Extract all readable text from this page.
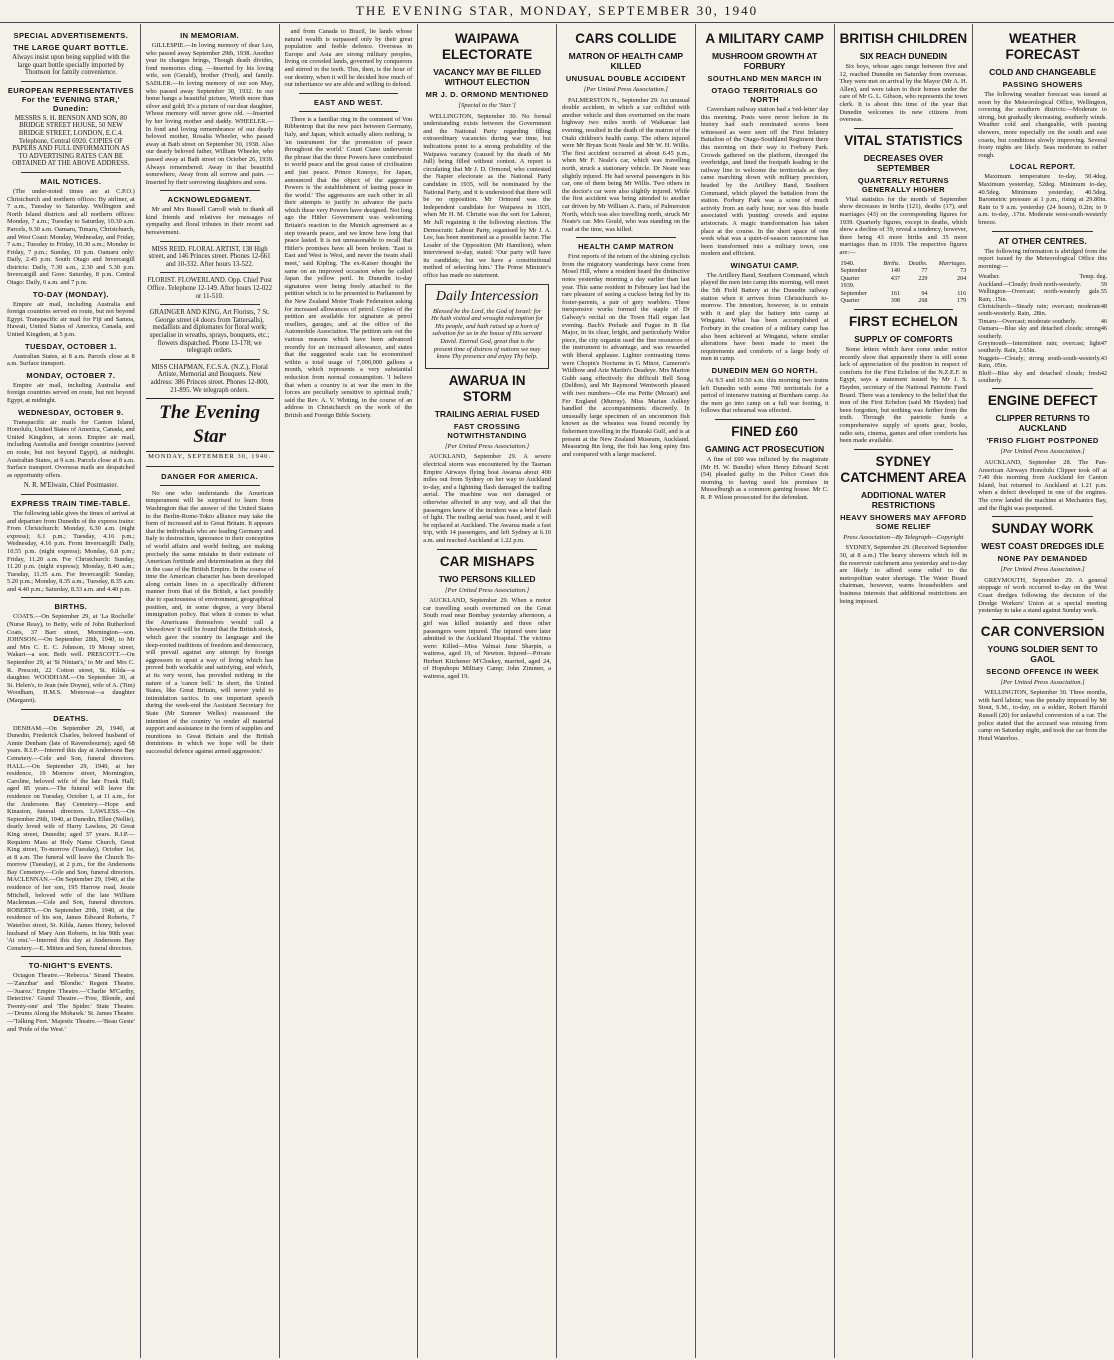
THE EVENING STAR, MONDAY, SEPTEMBER 30, 1940
SPECIAL ADVERTISEMENTS.
THE LARGE QUART BOTTLE.

Always insist upon being supplied with the large quart bottle specially imported by Thomson for family convenience.

EUROPEAN REPRESENTATIVES For the 'EVENING STAR,' Dunedin:

MESSRS S. H. BENSON AND SON, 80 BRIDGE STREET HOUSE, 50 NEW BRIDGE STREET, LONDON, E.C.4. Telephone, Central 6920. COPIES OF PAPERS AND FULL INFORMATION AS TO ADVERTISING RATES CAN BE OBTAINED AT THE ABOVE ADDRESS.

MAIL NOTICES.

(The under-noted times are at C.P.O.) Christchurch and northern offices: By airliner, at 7 a.m., Tuesday to Saturday. Wellington and North Island districts and all northern offices: Monday, 7 a.m.; Tuesday to Saturday, 10.30 a.m. Parcels, 9.30 a.m. Oamaru, Timaru, Christchurch, and West Coast: Monday, Wednesday, and Friday, 7 a.m.; Tuesday to Friday, 10.30 a.m.; Monday to Friday, 7 p.m.; Sunday, 10 p.m. Oamaru only: Daily, 2.45 p.m. South Otago and Invercargill districts: Daily, 7.30 a.m., 2.30 and 5.30 p.m. Invercargill and Gore: Saturday, 8 p.m. Central Otago: Daily, 6 a.m. and 7 p.m.

TO-DAY (MONDAY).

Empire air mail, including Australia and foreign countries served en route, but not beyond Egypt. Transpacific air mail for Fiji and Samoa, Hawaii, United States of America, Canada, and United Kingdom, at 5 p.m.

TUESDAY, OCTOBER 1.

Australian States, at 8 a.m. Parcels close at 8 a.m. Surface transport.

MONDAY, OCTOBER 7.

Empire air mail, including Australia and foreign countries served en route, but not beyond Egypt, at midnight.

WEDNESDAY, OCTOBER 9.

Transpacific air mails for Canton Island, Honolulu, United States of America, Canada, and United Kingdom, at noon. Empire air mail, including Australia and foreign countries (served en route, but not beyond Egypt), at midnight. Australian States, at 9 a.m. Parcels close at 8 a.m. Surface transport. Overseas mails are despatched as opportunity offers.

N. R. M'Elwain, Chief Postmaster.

EXPRESS TRAIN TIME-TABLE.

The following table gives the times of arrival at and departure from Dunedin of the express trains: From Christchurch: Monday, 6.30 a.m. (night express); 6.1 p.m.; Tuesday, 4.16 p.m.; Wednesday, 4.16 p.m. From Invercargill: Daily, 10.55 p.m. (night express); Monday, 6.8 p.m.; Friday, 11.20 a.m. For Christchurch: Sunday, 11.20 p.m. (night express); Monday, 8.40 a.m.; Tuesday, 11.35 a.m. For Invercargill: Sunday, 5.20 p.m.; Monday, 8.35 a.m.; Tuesday, 8.35 a.m. and 4.40 p.m.; Saturday, 8.33 a.m. and 4.40 p.m.

BIRTHS.

COATS.—On September 29, at 'La Rochelle' (Nurse Reay), to Betty, wife of John Rutherford Coats, 37 Barr street, Mornington—son. JOHNSON.—On September 28th, 1940, to Mr and Mrs C. E. C. Johnson, 19 Moray street, Wakari—a son. Both well. PRESCOTT.—On September 29, at 'St Ninian's,' to Mr and Mrs C. R. Prescott, 22 Cotton street, St. Kilda—a daughter. WOODHAM.—On September 30, at St. Helen's, to Jean (née Doyne), wife of A. (Tim) Woodham, H.M.S. Monowai—a daughter (Margaret).

DEATHS.

DENHAM.—On September 29, 1940, at Dunedin, Frederick Charles, beloved husband of Annie Denham (late of Ravensbourne); aged 68 years. R.I.P.—Interred this day at Andersons Bay Cemetery.—Cole and Son, funeral directors. HALL.—On September 29, 1940, at her residence, 19 Mornow street, Mornington, Caroline, beloved wife of the late Frank Hall; aged 85 years.—The funeral will leave the residence on Tuesday, October 1, at 11 a.m., for the Andersons Bay Cemetery.—Hope and Kinaston, funeral directors. LAWLESS.—On September 29th, 1940, at Dunedin, Ellen (Nellie), dearly loved wife of Harry Lawless, 26 Great King street, Dunedin; aged 37 years. R.I.P.—Requiem Mass at Holy Name Church, Great King street, To-morrow (Tuesday), October 1st, at 8 a.m. The funeral will leave the Church To-morrow (Tuesday), at 2 p.m., for the Andersons Bay Cemetery.—Cole and Son, funeral directors. MACLENNAN.—On September 29, 1940, at the residence of her son, 195 Harrow road, Jessie Mitchell, beloved wife of the late William Maclennan.—Cole and Son, funeral directors. ROBERTS.—On September 29th, 1940, at the residence of his son, James Edward Roberts, 7 Waterloo street, St. Kilda, James Henry, beloved husband of Mary Ann Roberts, in his 90th year. 'At rest.'—Interred this day at Andersons Bay Cemetery.—E. Mitten and Son, funeral directors.

TO-NIGHT'S EVENTS.

Octagon Theatre.—'Rebecca.' Strand Theatre.—'Zanzibar' and 'Blondie.' Regent Theatre.—'Juarez.' Empire Theatre.—'Charlie M'Carthy, Detective.' Grand Theatre.—'Free, Blonde, and Twenty-one' and 'The Spider.' State Theatre.—'Drums Along the Mohawk.' St. James Theatre.—'Talking Feet.' Majestic Theatre.—'Beau Geste' and 'Pride of the West.'

IN MEMORIAM.

GILLESPIE.—In loving memory of dear Leo, who passed away September 29th, 1938. Another year its changes brings, Though death divides, fond memories cling. —Inserted by his loving wife, son (Gerald), brother (Fred), and family. SADLER.—In loving memory of our son May, who passed away September 30, 1932. In our home hangs a beautiful picture, Worth more than silver and gold; It's a picture of our dear daughter, Whose memory will never grow old. —Inserted by her loving mother and daddy. WHEELER.—In fond and loving remembrance of our dearly beloved mother, Rosalia Wheeler, who passed away at Bath street on September 30, 1938. Also our dearly beloved father, William Wheeler, who passed away at Bath street on October 26, 1939. Always remembered. Away in that beautiful somewhere, Away from all sorrow and pain. —Inserted by their sorrowing daughters and sons.

ACKNOWLEDGMENT.

Mr and Mrs Russell Carroll wish to thank all kind friends and relatives for messages of sympathy and floral tributes in their recent sad bereavement.

MISS REID, FLORAL ARTIST, 138 High street, and 146 Princes street. Phones 12-661 and 10-332. After hours 13-522.

FLORIST. FLOWERLAND. Opp. Chief Post Office. Telephone 12-149. After hours 12-022 or 11-510.

GRAINGER AND KING, Art Florists, 7 St. George street (4 doors from Tattersalls), medallists and diplomates for floral work; specialise in wreaths, sprays, bouquets, etc.; flowers dispatched. Phone 13-178; we telegraph orders.

MISS CHAPMAN, F.C.S.A. (N.Z.), Floral Artiste, Memorial and Bouquets. New address: 386 Princes street. Phones 12-800, 21-895. We telegraph orders.

The Evening Star
MONDAY, SEPTEMBER 30, 1940.
DANGER FOR AMERICA.

No one who understands the American temperament will be surprised to learn from Washington that the answer of the United States to the Berlin-Rome-Tokio alliance may take the form of increased aid to Great Britain. It appears that the individuals who are leading Germany and Italy to destruction, ignorance in their conception of world affairs and world feeling, are making precisely the same mistake in their estimate of American fortitude and determination as they did in the case of the British Empire. In the course of time the American character has been developed along certain lines in a specifically different manner from that of the British, a fact possibly due to spaciousness of environment, geographical position, and, in some degree, a very liberal immigration policy. But when it comes to what the Americans themselves would call a 'showdown' it will be found that the British stock, which gave the country its language and the deep-rooted traditions of freedom and democracy, will prevail against any attempt by foreign aggressors to upset a way of living which has proved both workable and satisfying, and which, at its very worst, has provided nothing in the nature of a 'canon bell.' In short, the United States, like Great Britain, will never yield to intimidation tactics. In one important speech during the week-end the Assistant Secretary for State (Mr Sumner Welles) reassessed the intention of the country 'to render all material support and assistance in the form of supplies and munitions to Great Britain and the British dominions in which we hope will be their successful defence against armed aggression.'

and from Canada to Brazil, lie lands whose natural wealth is surpassed only by their great population and feeble defence. Overseas in Europe and Asia are strong military peoples, living on crowded lands, governed by conquerors and stirred to the teeth. This, then, is the hour of our destiny, when it will be decided how much of our inheritance we are able and willing to defend.

EAST AND WEST.

There is a familiar ring in the comment of Von Ribbentrop that the new pact between Germany, Italy, and Japan, which actually alters nothing, is 'an instrument for the promotion of peace throughout the world.' Count Ciano underwrote the phrase that the three Powers have contributed to world peace and the great cause of civilisation and just peace. Prince Konoye, for Japan, announced that the object of the aggressor Powers is 'the establishment of lasting peace in the world.' The aggressors are each other in all their attempts to justify in advance the pacts which these very Powers have designed. Not long ago the Hitler Government was welcoming Britain's reaction to the Munich agreement as a step towards peace, and we know how long that peace lasted. It is not unreasonable to recall that Hitler's promises have all been broken. 'East is East and West is West, and never the twain shall meet,' said Kipling. The ex-Kaiser thought the same on an improved occasion when he called Japan the yellow peril. In Dunedin to-day signatures were being freely attached to the petition which is to be presented to Parliament by the New Zealand Motor Trade Federation asking for increased allowances of petrol. Copies of the petition are available for signature at petrol resellers, garages, and at the office of the Automobile Association. The petition sets out the various reasons which have been advanced recently for an increased allowance, and states that the suggested scale can be economised within a total usage of 7,000,000 gallons a month, which represents a very substantial reduction from normal consumption. 'I believe that when a country is at war the men in the forces are peculiarly sensitive to spiritual truth,' said the Rev. A. V. Whiting, in the course of an address in Christchurch on the work of the British and Foreign Bible Society.

WAIPAWA ELECTORATE
VACANCY MAY BE FILLED WITHOUT ELECTION
MR J. D. ORMOND MENTIONED
[Special to the 'Star.']

WELLINGTON, September 30. No formal understanding exists between the Government and the National Party regarding filling extraordinary vacancies during war time, but indications point to a strong probability of the Waipawa vacancy (caused by the death of Mr Jull) being filled without contest. A report is circulating that Mr J. D. Ormond, who contested the Napier electorate as the National Party candidate in 1935, will be nominated by the National Party, and it is understood that there will be no opposition. Mr Ormond was the Independent candidate for Waipawa in 1935, when Mr H. M. Christie was the sort for Labour, Mr Jull regaining it the following election. The Democratic Labour Party, organised by Mr J. A. Lee, has been mentioned as a possible factor. The Leader of the Opposition (Mr Hamilton), when interviewed to-day, stated: 'Our party will have its candidate, but we have a constitutional method of selecting him.' The Prime Minister's office has made no statement.

Daily Intercession

Blessed be the Lord, the God of Israel: for He hath visited and wrought redemption for His people, and hath raised up a horn of salvation for us in the house of His servant David. Eternal God, great that is the present time of distress of nations we may know Thy presence and enjoy Thy help.

AWARUA IN STORM
TRAILING AERIAL FUSED
FAST CROSSING NOTWITHSTANDING
[Per United Press Association.]

AUCKLAND, September 29. A severe electrical storm was encountered by the Tasman Empire Airways flying boat Awarua about 400 miles out from Sydney on her way to Auckland to-day, and a lightning flash damaged the trailing aerial. The machine was not damaged or otherwise affected in any way, and all that the passengers knew of the incident was a brief flash of light. The trailing aerial was fused, and it will be replaced at Auckland. The Awarua made a fast trip, with 14 passengers, and left Sydney at 6.10 a.m. and reached Auckland at 1.22 p.m.

CAR MISHAPS
TWO PERSONS KILLED
[Per United Press Association.]

AUCKLAND, September 29. When a motor car travelling south overturned on the Great South road near Bombay yesterday afternoon, a girl was killed instantly and three other passengers were injured. The injured were later admitted to the Auckland Hospital. The victims were: Killed—Miss Valmai June Sharpin, a waitress, aged 19, of Newton. Injured—Private Herbert Kitchener M'Closkey, married, aged 24, of Hopuhopu Military Camp; John Zimmer, a waitress, aged 19.

CARS COLLIDE
MATRON OF HEALTH CAMP KILLED
UNUSUAL DOUBLE ACCIDENT
[Per United Press Association.]

PALMERSTON N., September 29. An unusual double accident, in which a car collided with another vehicle and then overturned on the main highway two miles north of Waikanae last evening, resulted in the death of the matron of the Otaki children's health camp. The others injured were Mr Bryan Scott Neale and Mr W. H. Willis. The first accident occurred at about 6.45 p.m., when Mr F. Neale's car, which was travelling north, struck a stationary vehicle. Dr Neate was slightly injured. He had several passengers in his car, one of them being Mr Willis. Two others in the doctor's car were also slightly injured. While the first accident was being attended to another car driven by Mr William A. Faris, of Palmerston North, which was also travelling north, struck Mr Neate's car. Mrs Gould, who was standing on the road at the time, was killed.

HEALTH CAMP MATRON

First reports of the return of the shining cyclists from the migratory wanderings have come from Mosel Hill, where a resident heard the distinctive notes yesterday morning a day earlier than last year. This same resident in February last had the rare pleasure of seeing a cuckoo being fed by its foster-parents, a pair of grey warblers. Three inexpensive works formed the staple of Dr Galway's recital on the Town Hall organ last evening. Bach's Prelude and Fugue in B flat Major, in its clear, bright, and particularly Widor piece, the city organist used the fine resources of the instrument to advantage, and was rewarded with liberal applause. Lighter contrasting items were Chopin's Nocturne in G Minor, Cameron's Wildbow and Arie Martin's Deadeye. Mrs Marion Gubb sang effectively the difficult Bell Song (Delibes), and Mr Raymond Wentworth pleased with two numbers—Ole ma Petite (Mozart) and Fer England (Murray). Miss Marian Aulkey handled the accompaniments discreetly. In unusually large specimen of an uncommon fish known as the wheatea was found recently by fishermen travelling in the Hauraki Gulf, and is at present at the New Zealand Museum, Auckland. Measuring 8in long, the fish has long spiny fins and compared with a large mackerel.

A MILITARY CAMP
MUSHROOM GROWTH AT FORBURY
SOUTHLAND MEN MARCH IN
OTAGO TERRITORIALS GO NORTH

Caversham railway station had a 'red-letter' day this morning. Posts were never before in its history had such nominated scores been witnessed as were seen off the First Infantry Battalion of the Otago-Southland Regiment there this morning on their way to Forbury Park. Crowds gathered on the platform, thronged the overbridge, and lined the footpath leading to the railway line to welcome the territorials as they came marching down with military precision, headed by the Artillery Band, Southern Command, which played the battalion from the station. Forbury Park was a scene of much activity from an early hour, nor was this bustle associated with 'punting' crowds and equine aristocrats. A magic transformation has taken place at the course. In the short space of one week what was a quiet-of-season racecourse has been transformed into a military town, one modern and efficient.

WINGATUI CAMP.

The Artillery Band, Southern Command, which played the men into camp this morning, will meet the 5th Field Battery at the Dunedin railway station when it arrives from Christchurch to-morrow. The intention, however, is to entrain with it and play the battery into camp at Wingatui. What has been accomplished at Forbury in the creation of a military camp has also been achieved at Wingatui, where similar alterations have been made to meet the requirements and comforts of a large body of men in camp.

DUNEDIN MEN GO NORTH.

At 9.5 and 10.50 a.m. this morning two trains left Dunedin with some 700 territorials for a period of intensive training at Burnham camp. As the men go into camp on a full war footing, it follows that rehearsal was effected.

FINED £60
GAMING ACT PROSECUTION

A fine of £60 was inflicted by the magistrate (Mr H. W. Bundle) when Henry Edward Scott (54) pleaded guilty in the Police Court this morning to having used his premises in Musselburgh as a common gaming house. Mr C. R. P. Wilson prosecuted for the defendant.

BRITISH CHILDREN
SIX REACH DUNEDIN

Six boys, whose ages range between five and 12, reached Dunedin on Saturday from overseas. They were met on arrival by the Mayor (Mr A. H. Allen), and were taken to their homes under the care of Mr G. L. Gibson, who represents the town clerk. It is about this time of the year that Dunedin welcomes its new citizens from overseas.

VITAL STATISTICS
DECREASES OVER SEPTEMBER
QUARTERLY RETURNS GENERALLY HIGHER

Vital statistics for the month of September show decreases in births (121), deaths (17), and marriages (43) on the corresponding figures for 1939. Quarterly figures, except in deaths, which show a decline of 39, reveal a tendency, however, there being 43 more births and 35 more marriages than in 1939. The respective figures are:—

1940.	Births.	Deaths.	Marriages.
September	140	77	73
Quarter	437	229	204
1939.			
September	161	94	116
Quarter	398	268	179
FIRST ECHELON
SUPPLY OF COMFORTS

Some letters which have come under notice recently show that apparently there is still some lack of appreciation of the position in respect of comforts for the First Echelon of the N.Z.E.F. in Egypt, says a statement issued by Mr J. S. Hayden, secretary of the National Patriotic Fund Board. There was a tendency to the belief that the men of the First Echelon (said Mr Hayden) had been forgotten, but nothing was further from the truth. Through the patriotic funds a comprehensive supply of sports gear, books, radio sets, cinema, games and other comforts has been made available.

SYDNEY CATCHMENT AREA
ADDITIONAL WATER RESTRICTIONS
HEAVY SHOWERS MAY AFFORD SOME RELIEF
Press Association—By Telegraph—Copyright

SYDNEY, September 29. (Received September 30, at 8 a.m.) The heavy showers which fell in the reservoir catchment area yesterday and to-day are likely to afford some relief to the metropolitan water shortage. The Water Board chairman, however, warns householders and business interests that additional restrictions are being imposed.

WEATHER FORECAST
COLD AND CHANGEABLE
PASSING SHOWERS

The following weather forecast was issued at noon by the Meteorological Office, Wellington, covering the southern districts:—Moderate to strong, but gradually decreasing, southerly winds. Weather cold and changeable, with passing showers, more especially on the south and east coasts, but conditions slowly improving. Several frosty nights are likely. Seas moderate to rather rough.

LOCAL REPORT.

Maximum temperature to-day, 50.4deg. Maximum yesterday, 52deg. Minimum to-day, 40.5deg. Minimum yesterday, 40.5deg. Barometric pressure at 1 p.m., rising at 29.80in. Rain to 9 a.m. yesterday (24 hours), 0.2in; to 9 a.m. to-day, .17in. Moderate west-south-westerly breeze.

AT OTHER CENTRES.

The following information is abridged from the report issued by the Meteorological Office this morning:—

Weather.	Temp. deg.
Auckland—Cloudy; fresh north-westerly.	59
Wellington—Overcast; north-westerly gale. Rain, .15in.
55
Christchurch—Steady rain; overcast; moderate south-westerly. Rain, .28in.
48
Timaru—Overcast; moderate southerly.	46
Oamaru—Blue sky and detached clouds; strong southerly.
46
Greymouth—Intermittent rain; overcast; light southerly. Rain, 2.65in.
47
Nuggets—Cloudy; strong south-south-westerly. Rain, .05in.
43
Bluff—Blue sky and detached clouds; fresh southerly.
42
ENGINE DEFECT
CLIPPER RETURNS TO AUCKLAND
'FRISO FLIGHT POSTPONED
[Per United Press Association.]

AUCKLAND, September 28. The Pan-American Airways Honolulu Clipper took off at 7.40 this morning from Auckland for Canton Island, but returned to Auckland at 1.21 p.m. when a defect developed in one of the engines. The crew landed the machine at Mechanics Bay, and the flight was postponed.

SUNDAY WORK
WEST COAST DREDGES IDLE
NONE PAY DEMANDED
[Per United Press Association.]

GREYMOUTH, September 29. A general stoppage of work occurred to-day on the West Coast dredges following the decision of the Dredge Workers' Union at a special meeting yesterday to take a stand against Sunday work.

CAR CONVERSION
YOUNG SOLDIER SENT TO GAOL
SECOND OFFENCE IN WEEK
[Per United Press Association.]

WELLINGTON, September 30. Three months, with hard labour, was the penalty imposed by Mr Stout, S.M., to-day, on a soldier, Robert Harold Russell (20) for unlawful conversion of a car. The police stated that the accused was missing from camp on Saturday night, and took the car from the Hotel Waterloo.
